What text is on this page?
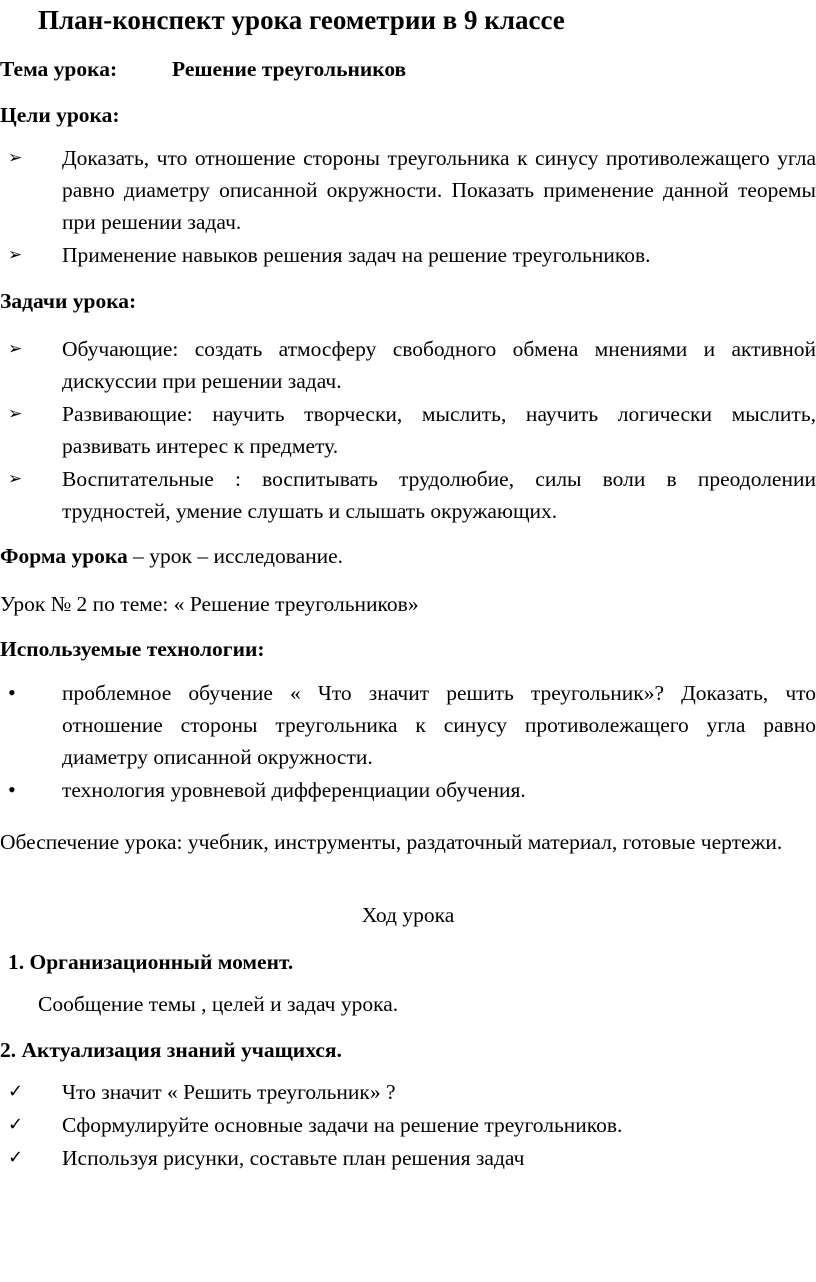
План-конспект урока геометрии в 9 классе
Тема урока:	Решение треугольников
Цели урока:
➢	Доказать, что отношение стороны треугольника к синусу противолежащего угла равно диаметру описанной окружности. Показать применение данной теоремы при решении задач.
➢	Применение навыков решения задач на решение треугольников.
Задачи урока:
➢	Обучающие: создать атмосферу свободного обмена мнениями и активной дискуссии при решении задач.
➢	Развивающие: научить творчески, мыслить, научить логически мыслить, развивать интерес к предмету.
➢	Воспитательные : воспитывать трудолюбие, силы воли в преодолении трудностей, умение слушать и слышать окружающих.
Форма урока – урок – исследование.
Урок № 2 по теме: « Решение треугольников»
Используемые технологии:
•	проблемное обучение « Что значит решить треугольник»? Доказать, что отношение стороны треугольника к синусу противолежащего угла равно диаметру описанной окружности.
•	технология уровневой дифференциации обучения.

Обеспечение урока: учебник, инструменты, раздаточный материал, готовые чертежи.

Ход урока
1. Организационный момент.
Сообщение темы , целей и задач урока.
2. Актуализация знаний учащихся.
✓	Что значит « Решить треугольник» ?
✓	Сформулируйте основные задачи на решение треугольников.
✓	Используя рисунки, составьте план решения задач
